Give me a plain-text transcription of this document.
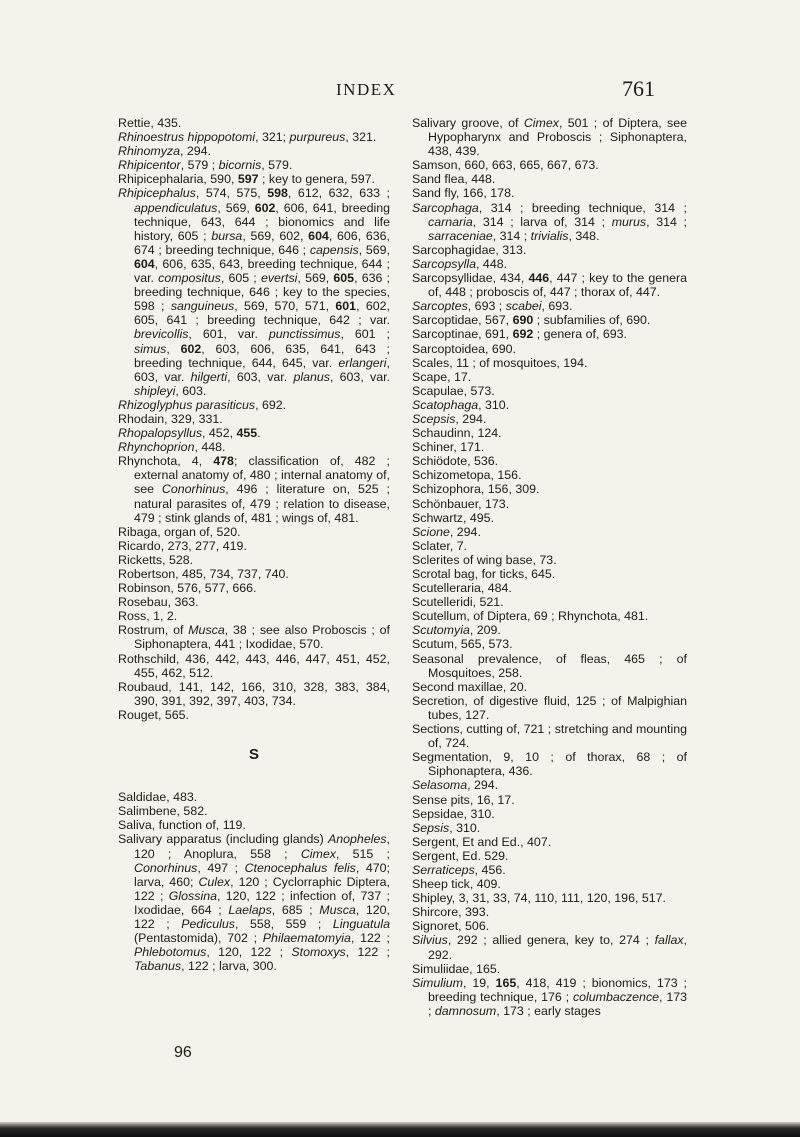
INDEX	761
Rettie, 435.
Rhinoestrus hippopotomi, 321; purpureus, 321.
Rhinomyza, 294.
Rhipicentor, 579 ; bicornis, 579.
Rhipicephalaria, 590, 597 ; key to genera, 597.
Rhipicephalus, 574, 575, 598, 612, 632, 633 ; appendiculatus, 569, 602, 606, 641, breeding technique, 643, 644 ; bionomics and life history, 605 ; bursa, 569, 602, 604, 606, 636, 674 ; breeding technique, 646 ; capensis, 569, 604, 606, 635, 643, breeding technique, 644 ; var. compositus, 605 ; evertsi, 569, 605, 636 ; breeding technique, 646 ; key to the species, 598 ; sanguineus, 569, 570, 571, 601, 602, 605, 641 ; breeding technique, 642 ; var. brevicollis, 601, var. punctissimus, 601 ; simus, 602, 603, 606, 635, 641, 643 ; breeding technique, 644, 645, var. erlangeri, 603, var. hilgerti, 603, var. planus, 603, var. shipleyi, 603.
Rhizoglyphus parasiticus, 692.
Rhodain, 329, 331.
Rhopalopsyllus, 452, 455.
Rhynchoprion, 448.
Rhynchota, 4, 478; classification of, 482 ; external anatomy of, 480 ; internal anatomy of, see Conorhinus, 496 ; literature on, 525 ; natural parasites of, 479 ; relation to disease, 479 ; stink glands of, 481 ; wings of, 481.
Ribaga, organ of, 520.
Ricardo, 273, 277, 419.
Ricketts, 528.
Robertson, 485, 734, 737, 740.
Robinson, 576, 577, 666.
Rosebau, 363.
Ross, 1, 2.
Rostrum, of Musca, 38 ; see also Proboscis ; of Siphonaptera, 441 ; Ixodidae, 570.
Rothschild, 436, 442, 443, 446, 447, 451, 452, 455, 462, 512.
Roubaud, 141, 142, 166, 310, 328, 383, 384, 390, 391, 392, 397, 403, 734.
Rouget, 565.
S
Saldidae, 483.
Salimbene, 582.
Saliva, function of, 119.
Salivary apparatus (including glands) Anopheles, 120 ; Anoplura, 558 ; Cimex, 515 ; Conorhinus, 497 ; Ctenocephalus felis, 470; larva, 460; Culex, 120 ; Cyclorraphic Diptera, 122 ; Glossina, 120, 122 ; infection of, 737 ; Ixodidae, 664 ; Laelaps, 685 ; Musca, 120, 122 ; Pediculus, 558, 559 ; Linguatula (Pentastomida), 702 ; Philaematomyia, 122 ; Phlebotomus, 120, 122 ; Stomoxys, 122 ; Tabanus, 122 ; larva, 300.
Salivary groove, of Cimex, 501 ; of Diptera, see Hypopharynx and Proboscis ; Siphonaptera, 438, 439.
Samson, 660, 663, 665, 667, 673.
Sand flea, 448.
Sand fly, 166, 178.
Sarcophaga, 314 ; breeding technique, 314 ; carnaria, 314 ; larva of, 314 ; murus, 314 ; sarraceniae, 314 ; trivialis, 348.
Sarcophagidae, 313.
Sarcopsylla, 448.
Sarcopsyllidae, 434, 446, 447 ; key to the genera of, 448 ; proboscis of, 447 ; thorax of, 447.
Sarcoptes, 693 ; scabei, 693.
Sarcoptidae, 567, 690 ; subfamilies of, 690.
Sarcoptinae, 691, 692 ; genera of, 693.
Sarcoptoidea, 690.
Scales, 11 ; of mosquitoes, 194.
Scape, 17.
Scapulae, 573.
Scatophaga, 310.
Scepsis, 294.
Schaudinn, 124.
Schiner, 171.
Schiödote, 536.
Schizometopa, 156.
Schizophora, 156, 309.
Schönbauer, 173.
Schwartz, 495.
Scione, 294.
Sclater, 7.
Sclerites of wing base, 73.
Scrotal bag, for ticks, 645.
Scutelleraria, 484.
Scutelleridi, 521.
Scutellum, of Diptera, 69 ; Rhynchota, 481.
Scutomyia, 209.
Scutum, 565, 573.
Seasonal prevalence, of fleas, 465 ; of Mosquitoes, 258.
Second maxillae, 20.
Secretion, of digestive fluid, 125 ; of Malpighian tubes, 127.
Sections, cutting of, 721 ; stretching and mounting of, 724.
Segmentation, 9, 10 ; of thorax, 68 ; of Siphonaptera, 436.
Selasoma, 294.
Sense pits, 16, 17.
Sepsidae, 310.
Sepsis, 310.
Sergent, Et and Ed., 407.
Sergent, Ed. 529.
Serraticeps, 456.
Sheep tick, 409.
Shipley, 3, 31, 33, 74, 110, 111, 120, 196, 517.
Shircore, 393.
Signoret, 506.
Silvius, 292 ; allied genera, key to, 274 ; fallax, 292.
Simuliidae, 165.
Simulium, 19, 165, 418, 419 ; bionomics, 173 ; breeding technique, 176 ; columbaczence, 173 ; damnosum, 173 ; early stages
96
